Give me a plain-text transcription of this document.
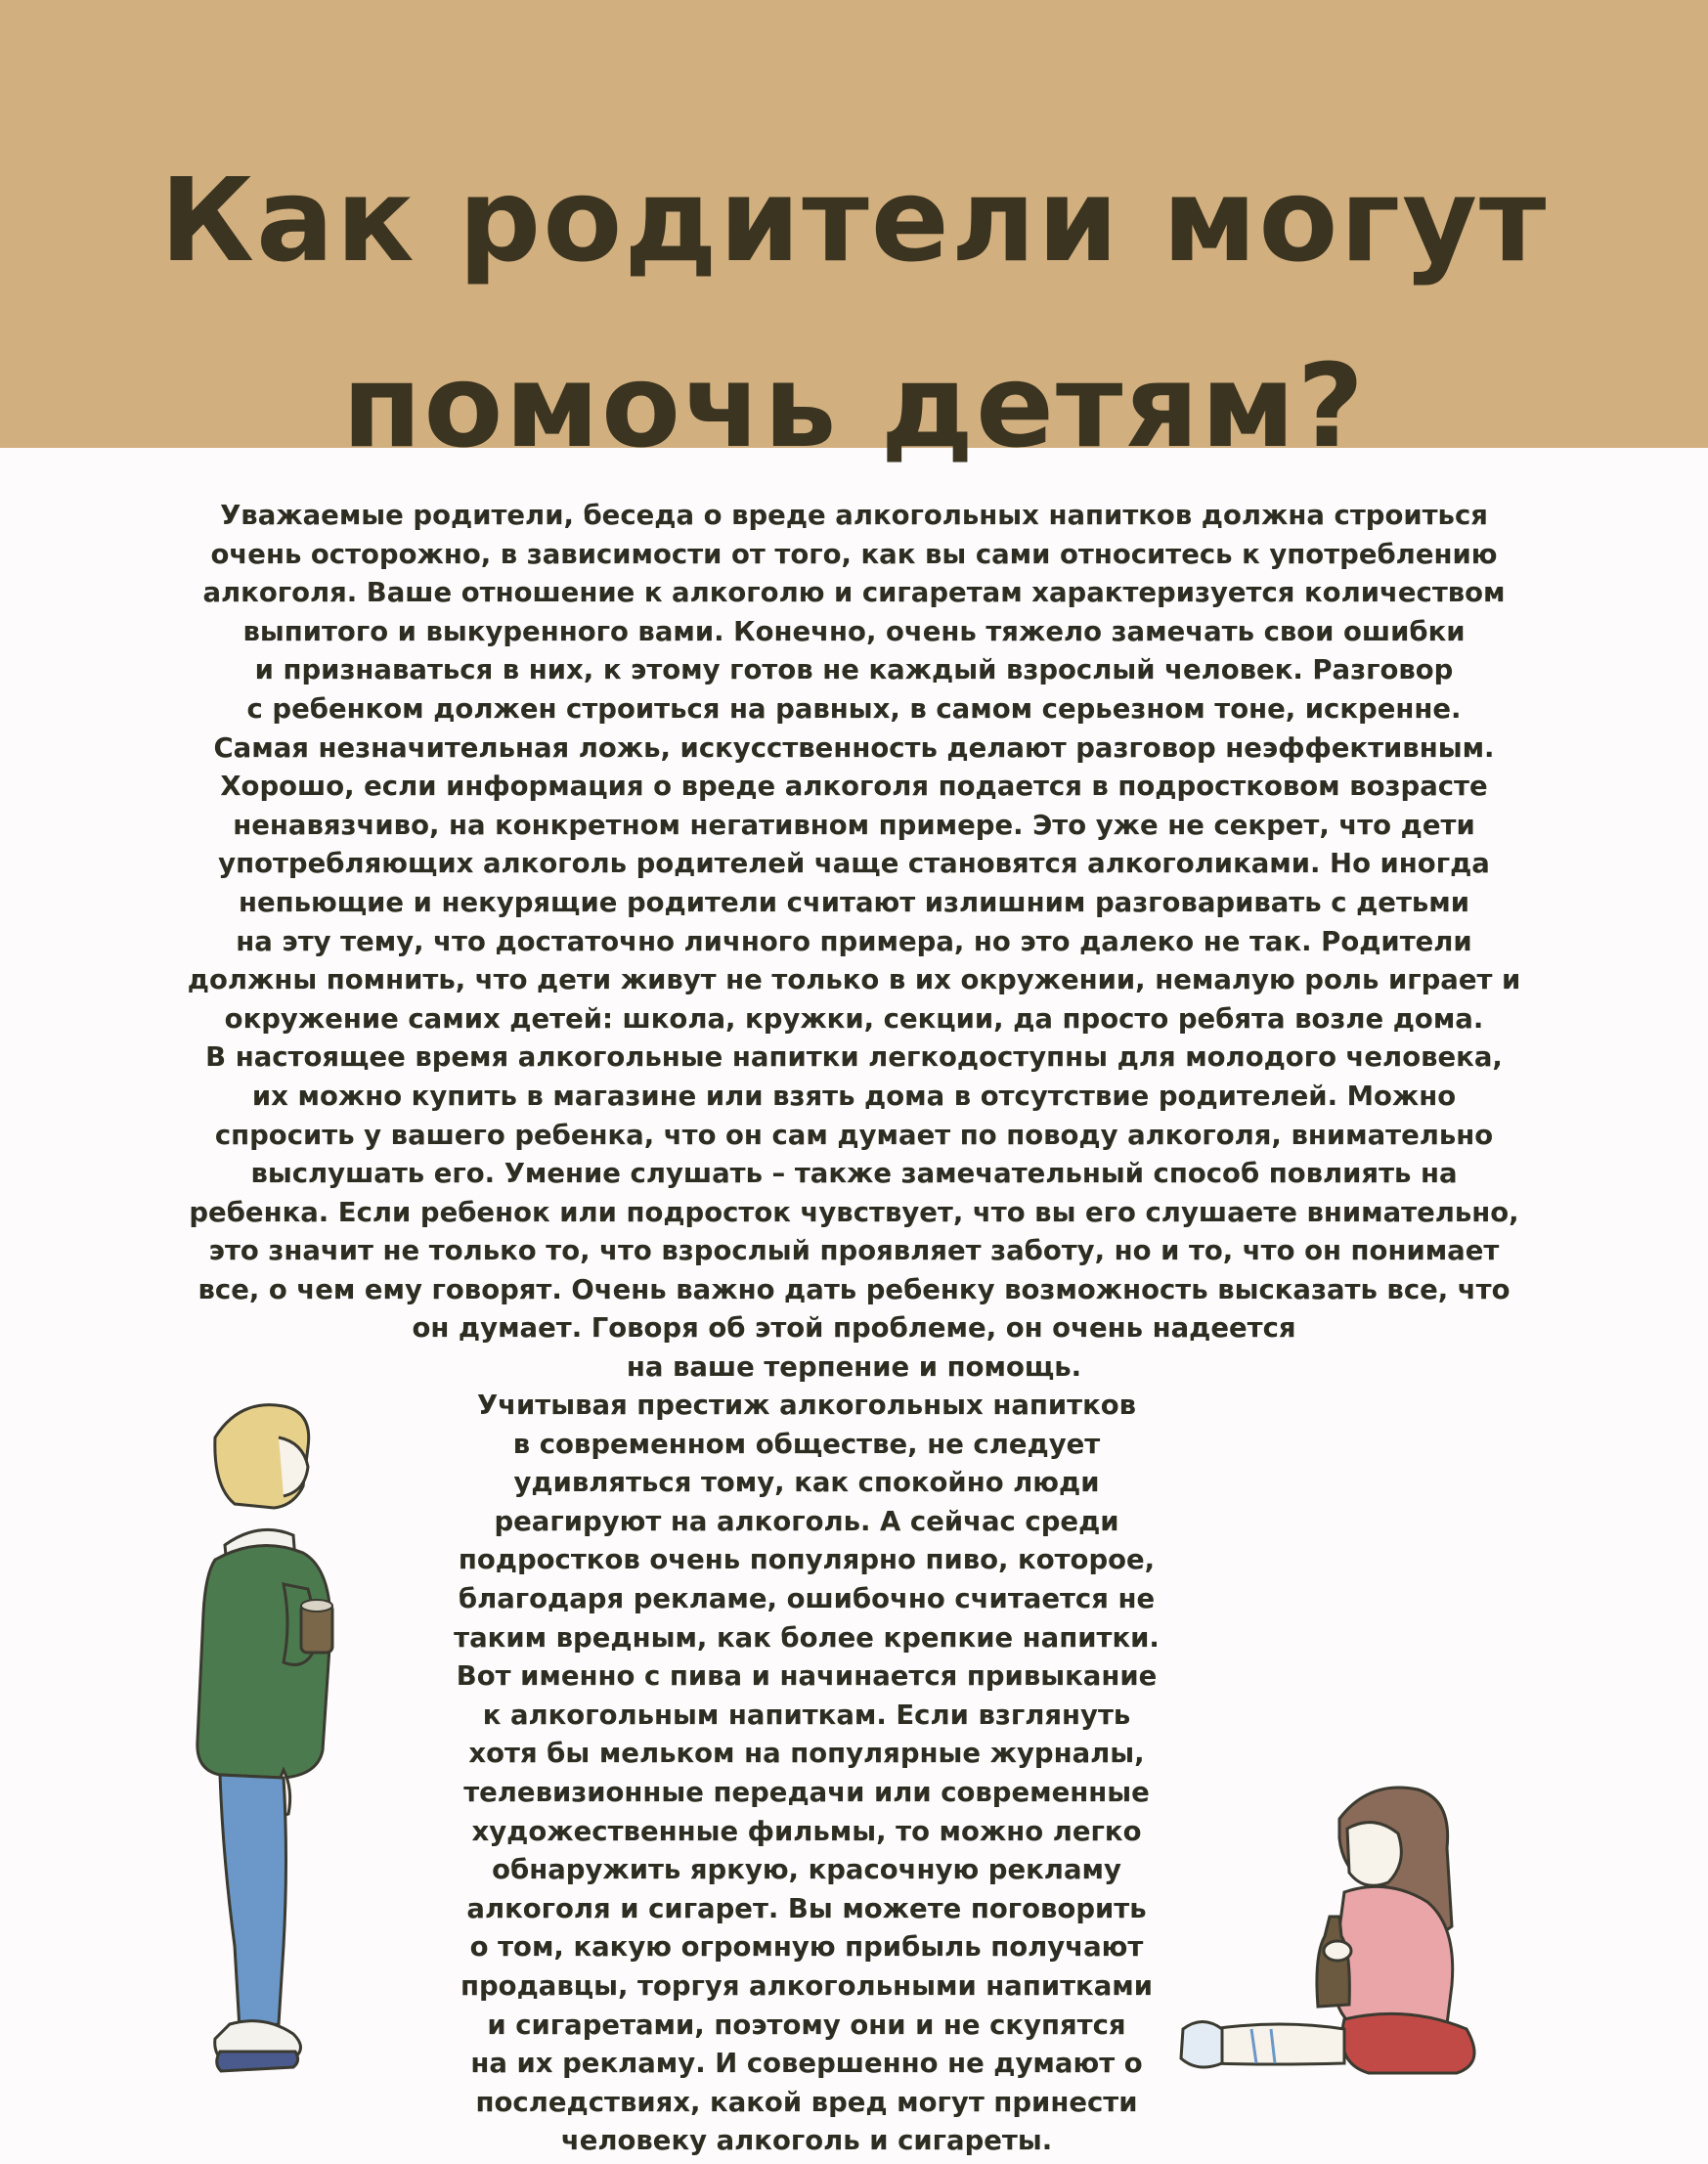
Как родители могут
помочь детям?
Уважаемые родители, беседа о вреде алкогольных напитков должна строиться
очень осторожно, в зависимости от того, как вы сами относитесь к употреблению
алкоголя. Ваше отношение к алкоголю и сигаретам характеризуется количеством
выпитого и выкуренного вами. Конечно, очень тяжело замечать свои ошибки
и признаваться в них, к этому готов не каждый взрослый человек. Разговор
с ребенком должен строиться на равных, в самом серьезном тоне, искренне.
Самая незначительная ложь, искусственность делают разговор неэффективным.
Хорошо, если информация о вреде алкоголя подается в подростковом возрасте
ненавязчиво, на конкретном негативном примере. Это уже не секрет, что дети
употребляющих алкоголь родителей чаще становятся алкоголиками. Но иногда
непьющие и некурящие родители считают излишним разговаривать с детьми
на эту тему, что достаточно личного примера, но это далеко не так. Родители
должны помнить, что дети живут не только в их окружении, немалую роль играет и
окружение самих детей: школа, кружки, секции, да просто ребята возле дома.
В настоящее время алкогольные напитки легкодоступны для молодого человека,
их можно купить в магазине или взять дома в отсутствие родителей. Можно
спросить у вашего ребенка, что он сам думает по поводу алкоголя, внимательно
выслушать его. Умение слушать – также замечательный способ повлиять на
ребенка. Если ребенок или подросток чувствует, что вы его слушаете внимательно,
это значит не только то, что взрослый проявляет заботу, но и то, что он понимает
все, о чем ему говорят. Очень важно дать ребенку возможность высказать все, что
он думает. Говоря об этой проблеме, он очень надеется
на ваше терпение и помощь.
Учитывая престиж алкогольных напитков
в современном обществе, не следует
удивляться тому, как спокойно люди
реагируют на алкоголь. А сейчас среди
подростков очень популярно пиво, которое,
благодаря рекламе, ошибочно считается не
таким вредным, как более крепкие напитки.
Вот именно с пива и начинается привыкание
к алкогольным напиткам. Если взглянуть
хотя бы мельком на популярные журналы,
телевизионные передачи или современные
художественные фильмы, то можно легко
обнаружить яркую, красочную рекламу
алкоголя и сигарет. Вы можете поговорить
о том, какую огромную прибыль получают
продавцы, торгуя алкогольными напитками
и сигаретами, поэтому они и не скупятся
на их рекламу. И совершенно не думают о
последствиях, какой вред могут принести
человеку алкоголь и сигареты.
